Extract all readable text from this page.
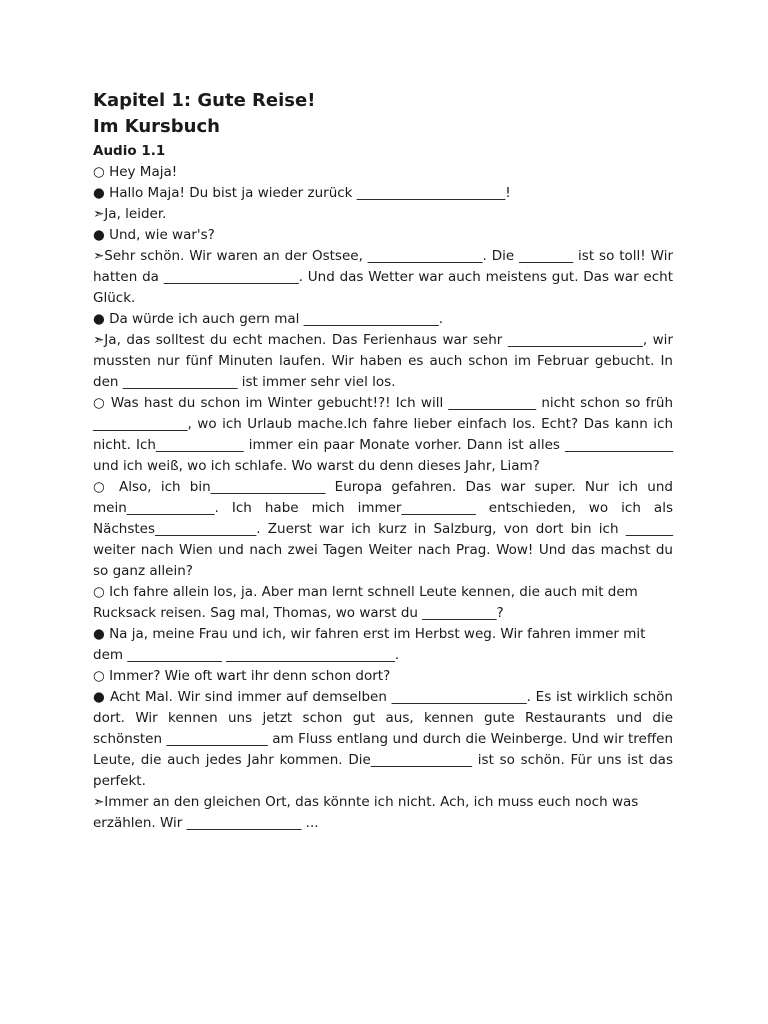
Kapitel 1: Gute Reise!
Im Kursbuch
Audio 1.1

○ Hey Maja!

● Hallo Maja! Du bist ja wieder zurück ______________________!

➣Ja, leider.

● Und, wie war's?

➣Sehr schön. Wir waren an der Ostsee, _________________. Die ________ ist so toll! Wir hatten da ____________________. Und das Wetter war auch meistens gut. Das war echt Glück.

● Da würde ich auch gern mal ____________________.

➣Ja, das solltest du echt machen. Das Ferienhaus war sehr ____________________, wir mussten nur fünf Minuten laufen. Wir haben es auch schon im Februar gebucht. In den _________________ ist immer sehr viel los.

○ Was hast du schon im Winter gebucht!?! Ich will _____________ nicht schon so früh ______________, wo ich Urlaub mache.Ich fahre lieber einfach los. Echt? Das kann ich nicht. Ich_____________ immer ein paar Monate vorher. Dann ist alles ________________ und ich weiß, wo ich schlafe. Wo warst du denn dieses Jahr, Liam?

○ Also, ich bin_________________ Europa gefahren. Das war super. Nur ich und mein_____________. Ich habe mich immer___________ entschieden, wo ich als Nächstes_______________. Zuerst war ich kurz in Salzburg, von dort bin ich _______ weiter nach Wien und nach zwei Tagen Weiter nach Prag. Wow! Und das machst du so ganz allein?

○ Ich fahre allein los, ja. Aber man lernt schnell Leute kennen, die auch mit dem Rucksack reisen. Sag mal, Thomas, wo warst du ___________?

● Na ja, meine Frau und ich, wir fahren erst im Herbst weg. Wir fahren immer mit dem ______________ _________________________.

○ Immer? Wie oft wart ihr denn schon dort?

● Acht Mal. Wir sind immer auf demselben ____________________. Es ist wirklich schön dort. Wir kennen uns jetzt schon gut aus, kennen gute Restaurants und die schönsten _______________ am Fluss entlang und durch die Weinberge. Und wir treffen Leute, die auch jedes Jahr kommen. Die_______________ ist so schön. Für uns ist das perfekt.

➣Immer an den gleichen Ort, das könnte ich nicht. Ach, ich muss euch noch was erzählen. Wir _________________ ...
